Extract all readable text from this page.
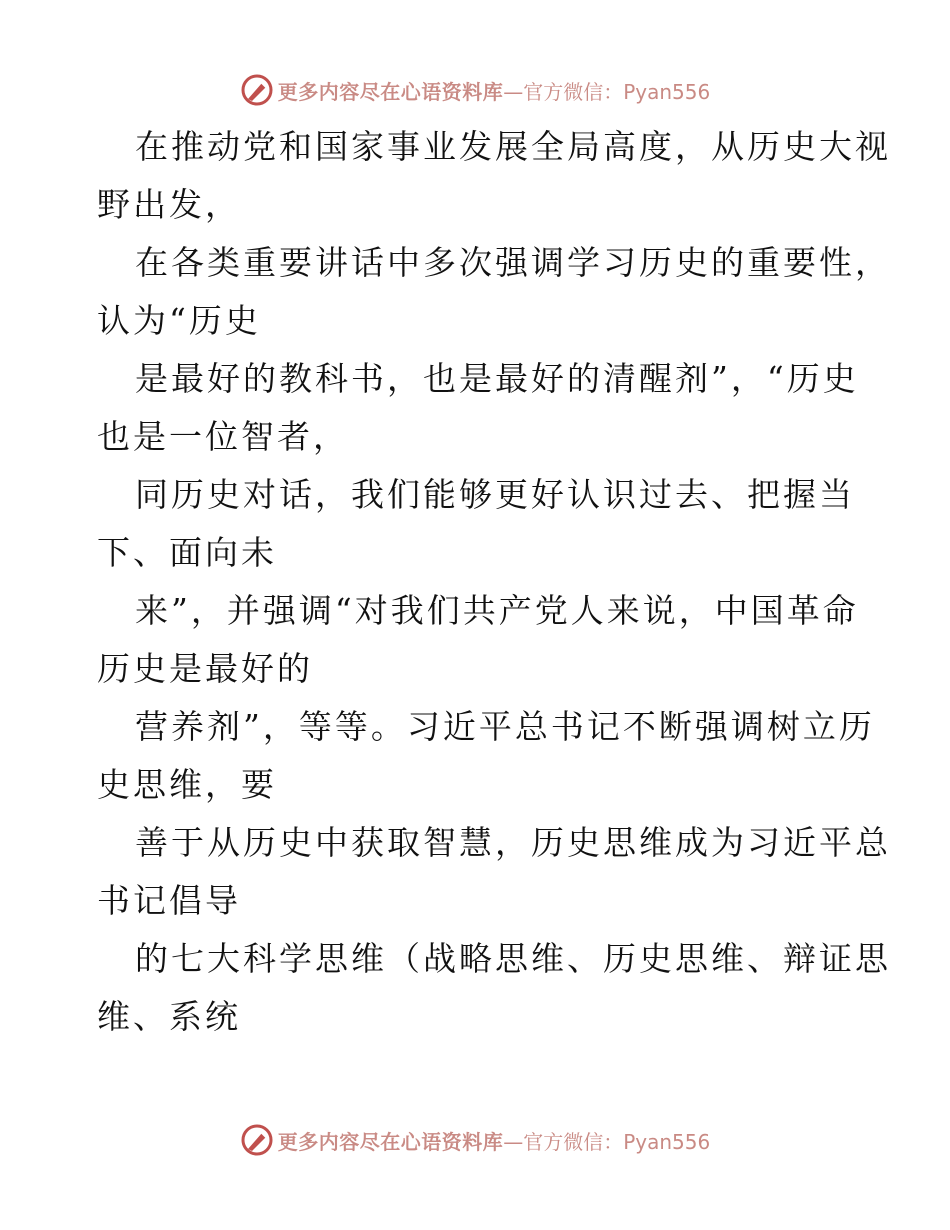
更多内容尽在心语资料库 —官方微信：Pyan556
在推动党和国家事业发展全局高度，从历史大视
野出发，
在各类重要讲话中多次强调学习历史的重要性，
认为“历史
是最好的教科书，也是最好的清醒剂”，“历史
也是一位智者，
同历史对话，我们能够更好认识过去、把握当
下、面向未
来”，并强调“对我们共产党人来说，中国革命
历史是最好的
营养剂”，等等。习近平总书记不断强调树立历
史思维，要
善于从历史中获取智慧，历史思维成为习近平总
书记倡导
的七大科学思维（战略思维、历史思维、辩证思
维、系统
更多内容尽在心语资料库 —官方微信：Pyan556
